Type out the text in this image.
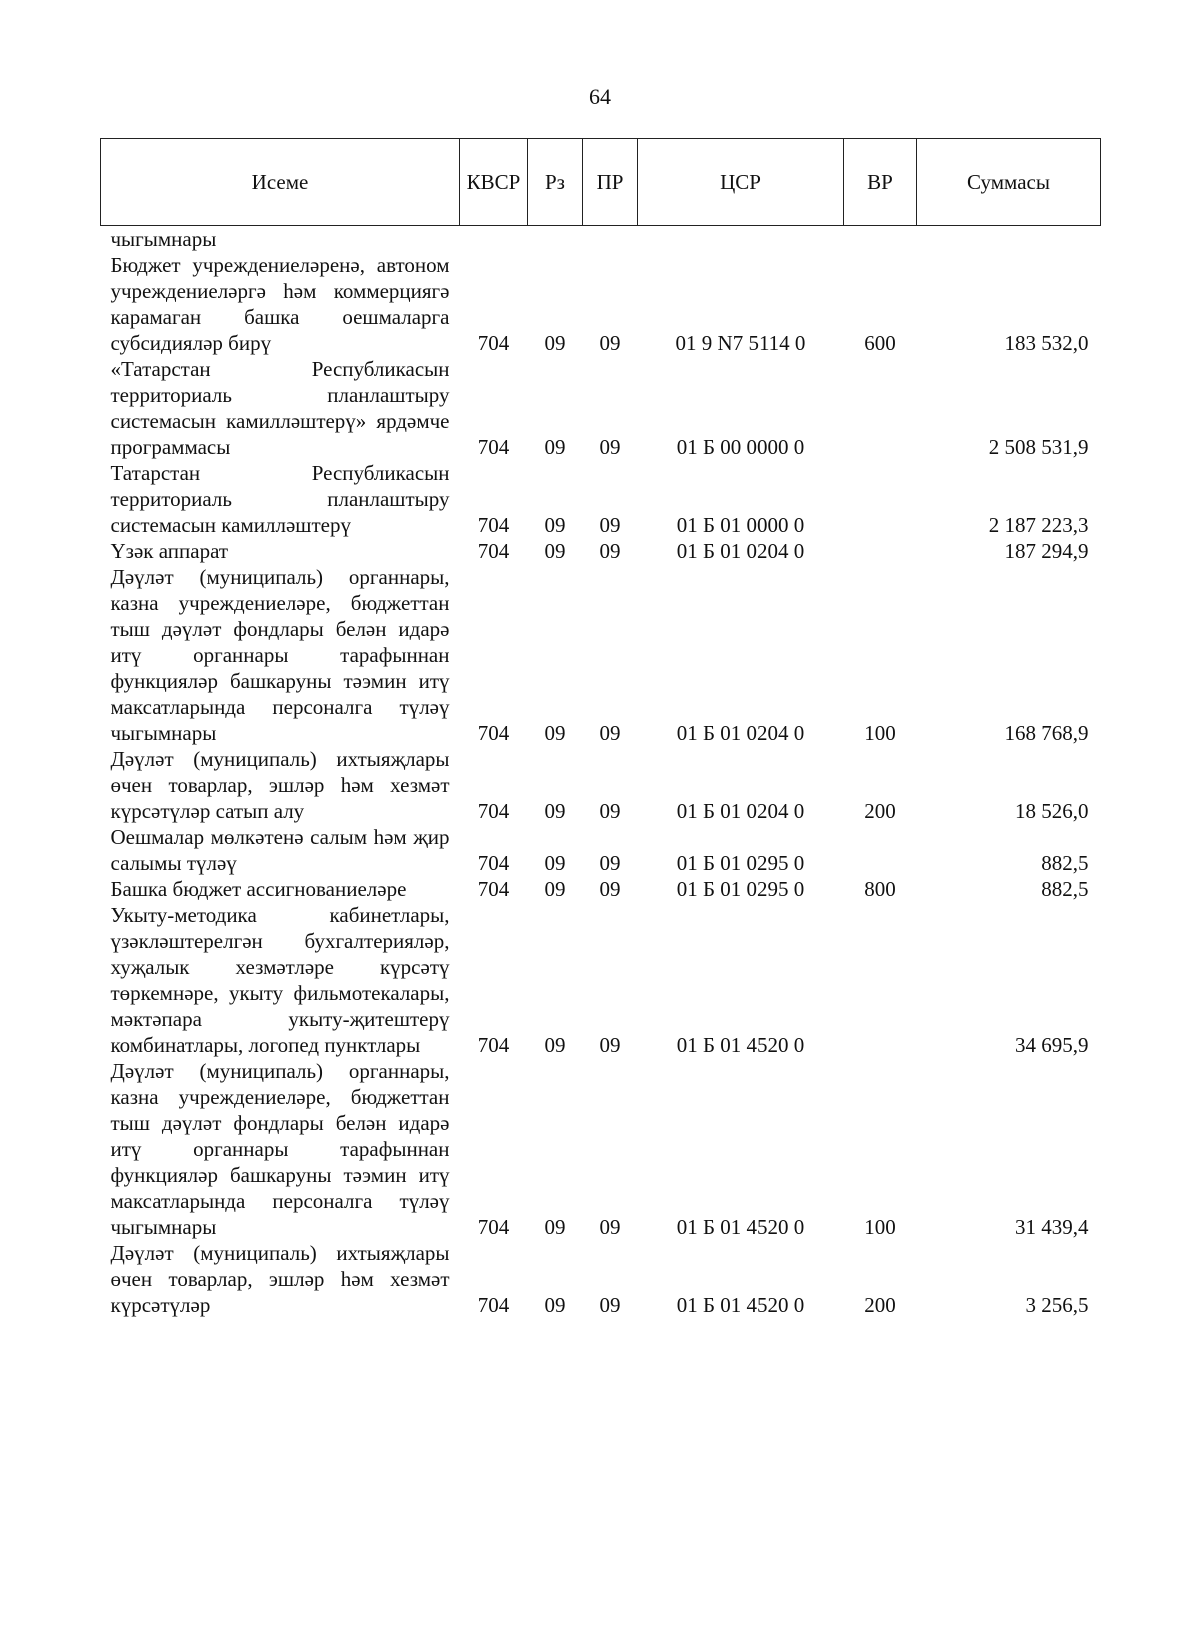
64
Исеме	КВСР	Рз	ПР	ЦСР	ВР	Суммасы
чыгымнары						
Бюджет учреждениеләренә, автоном учреждениеләргә һәм коммерциягә карамаган башка оешмаларга субсидияләр бирү	704	09	09	01 9 N7 5114 0	600	183 532,0
«Татарстан Республикасын территориаль планлаштыру системасын камилләштерү» ярдәмче программасы	704	09	09	01 Б 00 0000 0		2 508 531,9
Татарстан Республикасын территориаль планлаштыру системасын камилләштерү	704	09	09	01 Б 01 0000 0		2 187 223,3
Үзәк аппарат	704	09	09	01 Б 01 0204 0		187 294,9
Дәүләт (муниципаль) органнары, казна учреждениеләре, бюджеттан тыш дәүләт фондлары белән идарә итү органнары тарафыннан функцияләр башкаруны тәэмин итү максатларында персоналга түләү чыгымнары	704	09	09	01 Б 01 0204 0	100	168 768,9
Дәүләт (муниципаль) ихтыяҗлары өчен товарлар, эшләр һәм хезмәт күрсәтүләр сатып алу	704	09	09	01 Б 01 0204 0	200	18 526,0
Оешмалар мөлкәтенә салым һәм җир салымы түләү	704	09	09	01 Б 01 0295 0		882,5
Башка бюджет ассигнованиеләре	704	09	09	01 Б 01 0295 0	800	882,5
Укыту-методика кабинетлары, үзәкләштерелгән бухгалтерияләр, хуҗалык хезмәтләре күрсәтү төркемнәре, укыту фильмотекалары, мәктәпара укыту-җитештерү комбинатлары, логопед пунктлары	704	09	09	01 Б 01 4520 0		34 695,9
Дәүләт (муниципаль) органнары, казна учреждениеләре, бюджеттан тыш дәүләт фондлары белән идарә итү органнары тарафыннан функцияләр башкаруны тәэмин итү максатларында персоналга түләү чыгымнары	704	09	09	01 Б 01 4520 0	100	31 439,4
Дәүләт (муниципаль) ихтыяҗлары өчен товарлар, эшләр һәм хезмәт күрсәтүләр	704	09	09	01 Б 01 4520 0	200	3 256,5
